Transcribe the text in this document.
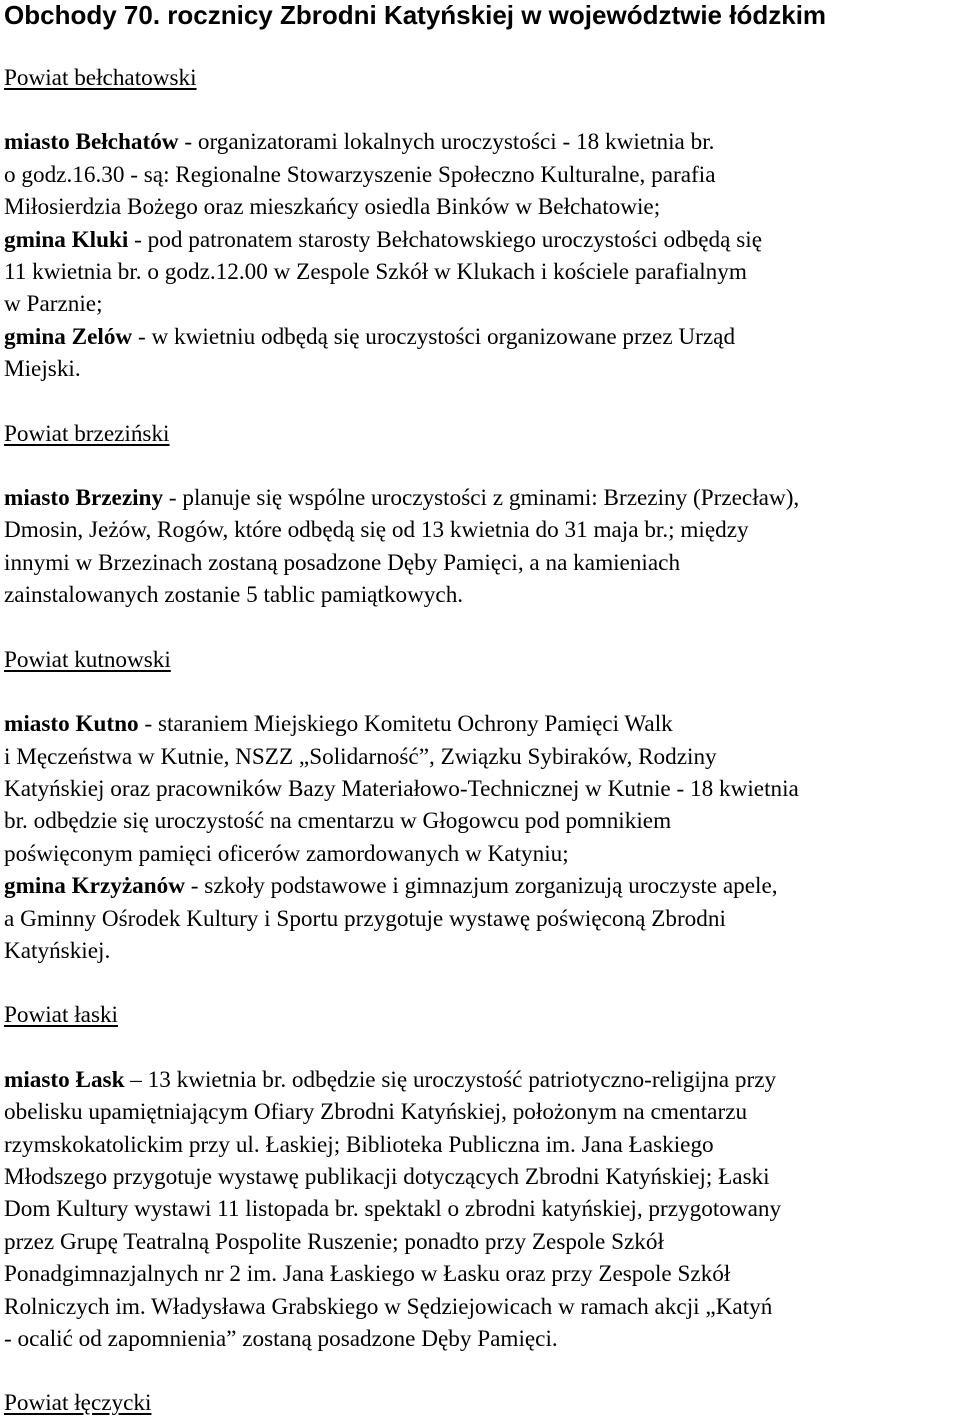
Obchody 70. rocznicy Zbrodni Katyńskiej w województwie łódzkim
Powiat bełchatowski

miasto Bełchatów - organizatorami lokalnych uroczystości - 18 kwietnia br.
o godz.16.30 - są: Regionalne Stowarzyszenie Społeczno Kulturalne, parafia
Miłosierdzia Bożego oraz mieszkańcy osiedla Binków w Bełchatowie;
gmina Kluki - pod patronatem starosty Bełchatowskiego uroczystości odbędą się
11 kwietnia br. o godz.12.00 w Zespole Szkół w Klukach i kościele parafialnym
w Parznie;
gmina Zelów - w kwietniu odbędą się uroczystości organizowane przez Urząd
Miejski.

Powiat brzeziński

miasto Brzeziny - planuje się wspólne uroczystości z gminami: Brzeziny (Przecław),
Dmosin, Jeżów, Rogów, które odbędą się od 13 kwietnia do 31 maja br.; między
innymi w Brzezinach zostaną posadzone Dęby Pamięci, a na kamieniach
zainstalowanych zostanie 5 tablic pamiątkowych.

Powiat kutnowski

miasto Kutno - staraniem Miejskiego Komitetu Ochrony Pamięci Walk
i Męczeństwa w Kutnie, NSZZ „Solidarność”, Związku Sybiraków, Rodziny
Katyńskiej oraz pracowników Bazy Materiałowo-Technicznej w Kutnie - 18 kwietnia
br. odbędzie się uroczystość na cmentarzu w Głogowcu pod pomnikiem
poświęconym pamięci oficerów zamordowanych w Katyniu;
gmina Krzyżanów - szkoły podstawowe i gimnazjum zorganizują uroczyste apele,
a Gminny Ośrodek Kultury i Sportu przygotuje wystawę poświęconą Zbrodni
Katyńskiej.

Powiat łaski

miasto Łask – 13 kwietnia br. odbędzie się uroczystość patriotyczno-religijna przy
obelisku upamiętniającym Ofiary Zbrodni Katyńskiej, położonym na cmentarzu
rzymskokatolickim przy ul. Łaskiej; Biblioteka Publiczna im. Jana Łaskiego
Młodszego przygotuje wystawę publikacji dotyczących Zbrodni Katyńskiej; Łaski
Dom Kultury wystawi 11 listopada br. spektakl o zbrodni katyńskiej, przygotowany
przez Grupę Teatralną Pospolite Ruszenie; ponadto przy Zespole Szkół
Ponadgimnazjalnych nr 2 im. Jana Łaskiego w Łasku oraz przy Zespole Szkół
Rolniczych im. Władysława Grabskiego w Sędziejowicach w ramach akcji „Katyń
- ocalić od zapomnienia” zostaną posadzone Dęby Pamięci.

Powiat łęczycki
